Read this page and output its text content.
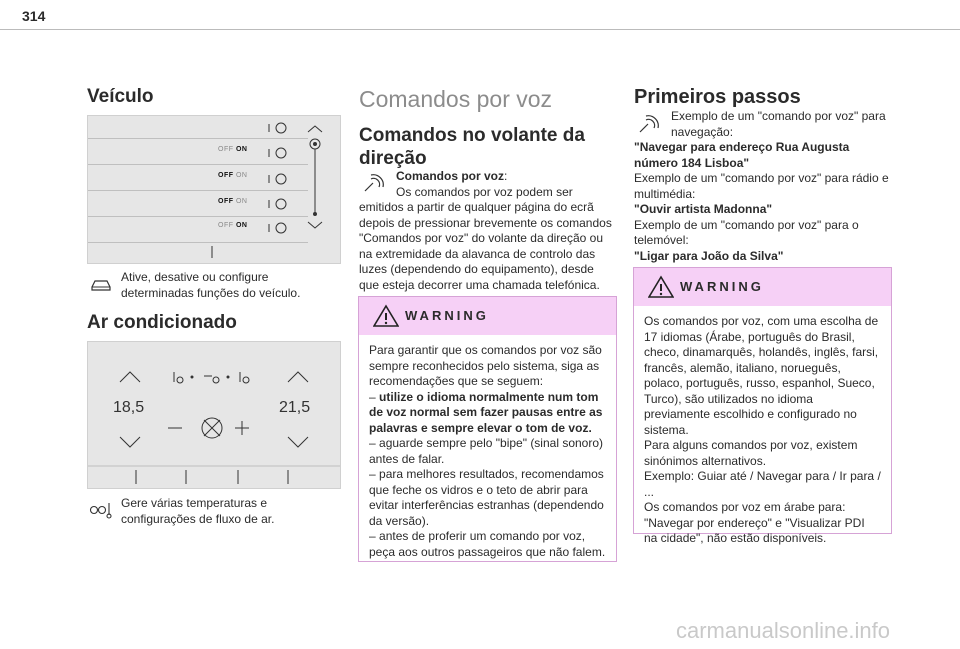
314
Veículo
OFF ON
OFF ON
OFF ON
OFF ON
Ative, desative ou configure determinadas funções do veículo.
Ar condicionado
18,5	21,5
Gere várias temperaturas e configurações de fluxo de ar.
Comandos por voz
Comandos no volante da direção
Comandos por voz:
Os comandos por voz podem ser
emitidos a partir de qualquer página do ecrã depois de pressionar brevemente os comandos "Comandos por voz" do volante da direção ou na extremidade da alavanca de controlo das luzes (dependendo do equipamento), desde que esteja decorrer uma chamada telefónica.
WARNING
Para garantir que os comandos por voz são sempre reconhecidos pelo sistema, siga as recomendações que se seguem:
– utilize o idioma normalmente num tom de voz normal sem fazer pausas entre as palavras e sempre elevar o tom de voz.
– aguarde sempre pelo "bipe" (sinal sonoro) antes de falar.
– para melhores resultados, recomendamos que feche os vidros e o teto de abrir para evitar interferências estranhas (dependendo da versão).
– antes de proferir um comando por voz, peça aos outros passageiros que não falem.
Primeiros passos
Exemplo de um "comando por voz" para navegação:
"Navegar para endereço Rua Augusta número 184 Lisboa"
Exemplo de um "comando por voz" para rádio e multimédia:
"Ouvir artista Madonna"
Exemplo de um "comando por voz" para o telemóvel:
"Ligar para João da Silva"
WARNING
Os comandos por voz, com uma escolha de 17 idiomas (Árabe, português do Brasil, checo, dinamarquês, holandês, inglês, farsi, francês, alemão, italiano, norueguês, polaco, português, russo, espanhol, Sueco, Turco), são utilizados no idioma previamente escolhido e configurado no sistema.
Para alguns comandos por voz, existem sinónimos alternativos.
Exemplo: Guiar até / Navegar para / Ir para / ...
Os comandos por voz em árabe para: "Navegar por endereço" e "Visualizar PDI na cidade", não estão disponíveis.
carmanualsonline.info
